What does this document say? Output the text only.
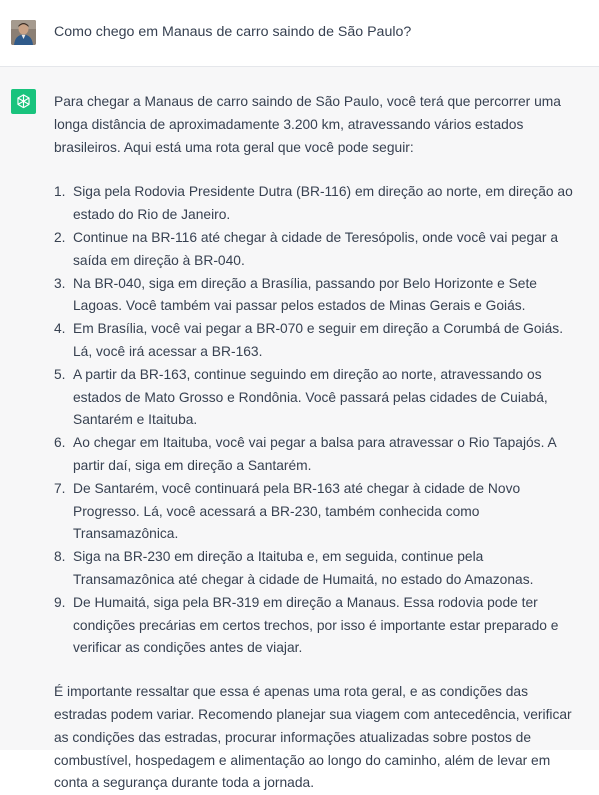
Como chego em Manaus de carro saindo de São Paulo?

Para chegar a Manaus de carro saindo de São Paulo, você terá que percorrer uma longa distância de aproximadamente 3.200 km, atravessando vários estados brasileiros. Aqui está uma rota geral que você pode seguir:

1. Siga pela Rodovia Presidente Dutra (BR-116) em direção ao norte, em direção ao estado do Rio de Janeiro.
2. Continue na BR-116 até chegar à cidade de Teresópolis, onde você vai pegar a saída em direção à BR-040.
3. Na BR-040, siga em direção a Brasília, passando por Belo Horizonte e Sete Lagoas. Você também vai passar pelos estados de Minas Gerais e Goiás.
4. Em Brasília, você vai pegar a BR-070 e seguir em direção a Corumbá de Goiás. Lá, você irá acessar a BR-163.
5. A partir da BR-163, continue seguindo em direção ao norte, atravessando os estados de Mato Grosso e Rondônia. Você passará pelas cidades de Cuiabá, Santarém e Itaituba.
6. Ao chegar em Itaituba, você vai pegar a balsa para atravessar o Rio Tapajós. A partir daí, siga em direção a Santarém.
7. De Santarém, você continuará pela BR-163 até chegar à cidade de Novo Progresso. Lá, você acessará a BR-230, também conhecida como Transamazônica.
8. Siga na BR-230 em direção a Itaituba e, em seguida, continue pela Transamazônica até chegar à cidade de Humaitá, no estado do Amazonas.
9. De Humaitá, siga pela BR-319 em direção a Manaus. Essa rodovia pode ter condições precárias em certos trechos, por isso é importante estar preparado e verificar as condições antes de viajar.

É importante ressaltar que essa é apenas uma rota geral, e as condições das estradas podem variar. Recomendo planejar sua viagem com antecedência, verificar as condições das estradas, procurar informações atualizadas sobre postos de combustível, hospedagem e alimentação ao longo do caminho, além de levar em conta a segurança durante toda a jornada.
